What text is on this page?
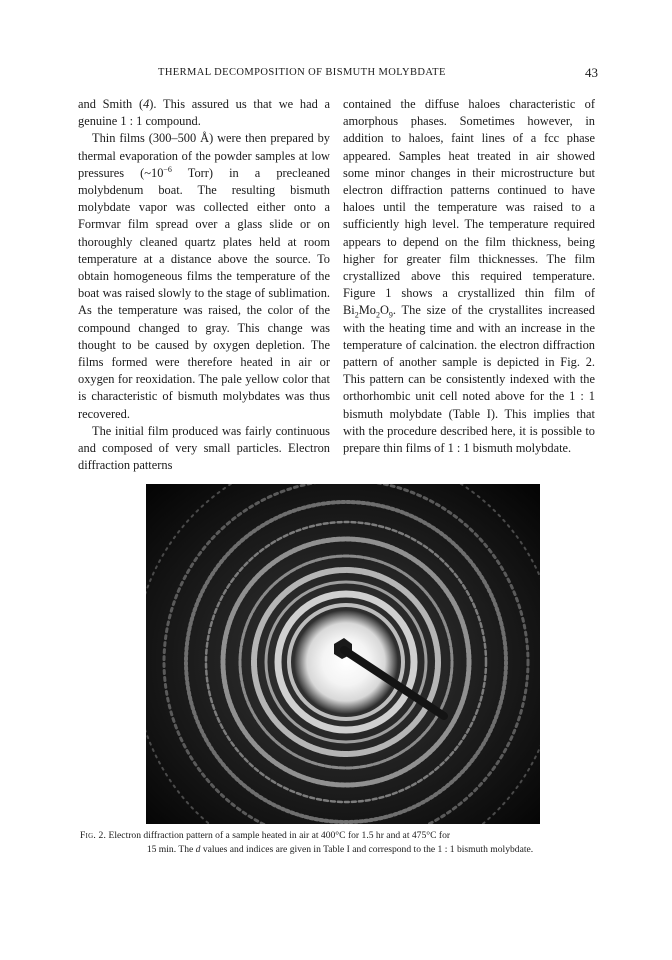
THERMAL DECOMPOSITION OF BISMUTH MOLYBDATE	43

and Smith (4). This assured us that we had a genuine 1 : 1 compound.

Thin films (300–500 Å) were then prepared by thermal evaporation of the powder samples at low pressures ($\sim 10^{-6}$ Torr) in a precleaned molybdenum boat. The resulting bismuth molybdate vapor was collected either onto a Formvar film spread over a glass slide or on thoroughly cleaned quartz plates held at room temperature at a distance above the source. To obtain homogeneous films the temperature of the boat was raised slowly to the stage of sublimation. As the temperature was raised, the color of the compound changed to gray. This change was thought to be caused by oxygen depletion. The films formed were therefore heated in air or oxygen for reoxidation. The pale yellow color that is characteristic of bismuth molybdates was thus recovered.

The initial film produced was fairly continuous and composed of very small particles. Electron diffraction patterns

contained the diffuse haloes characteristic of amorphous phases. Sometimes however, in addition to haloes, faint lines of a fcc phase appeared. Samples heat treated in air showed some minor changes in their microstructure but electron diffraction patterns continued to have haloes until the temperature was raised to a sufficiently high level. The temperature required appears to depend on the film thickness, being higher for greater film thicknesses. The film crystallized above this required temperature. Figure 1 shows a crystallized thin film of $Bi_2Mo_2O_9$. The size of the crystallites increased with the heating time and with an increase in the temperature of calcination. the electron diffraction pattern of another sample is depicted in Fig. 2. This pattern can be consistently indexed with the orthorhombic unit cell noted above for the 1 : 1 bismuth molybdate (Table I). This implies that with the procedure described here, it is possible to prepare thin films of 1 : 1 bismuth molybdate.

Fig. 2. Electron diffraction pattern of a sample heated in air at 400°C for 1.5 hr and at 475°C for
15 min. The d values and indices are given in Table I and correspond to the 1 : 1 bismuth molybdate.
